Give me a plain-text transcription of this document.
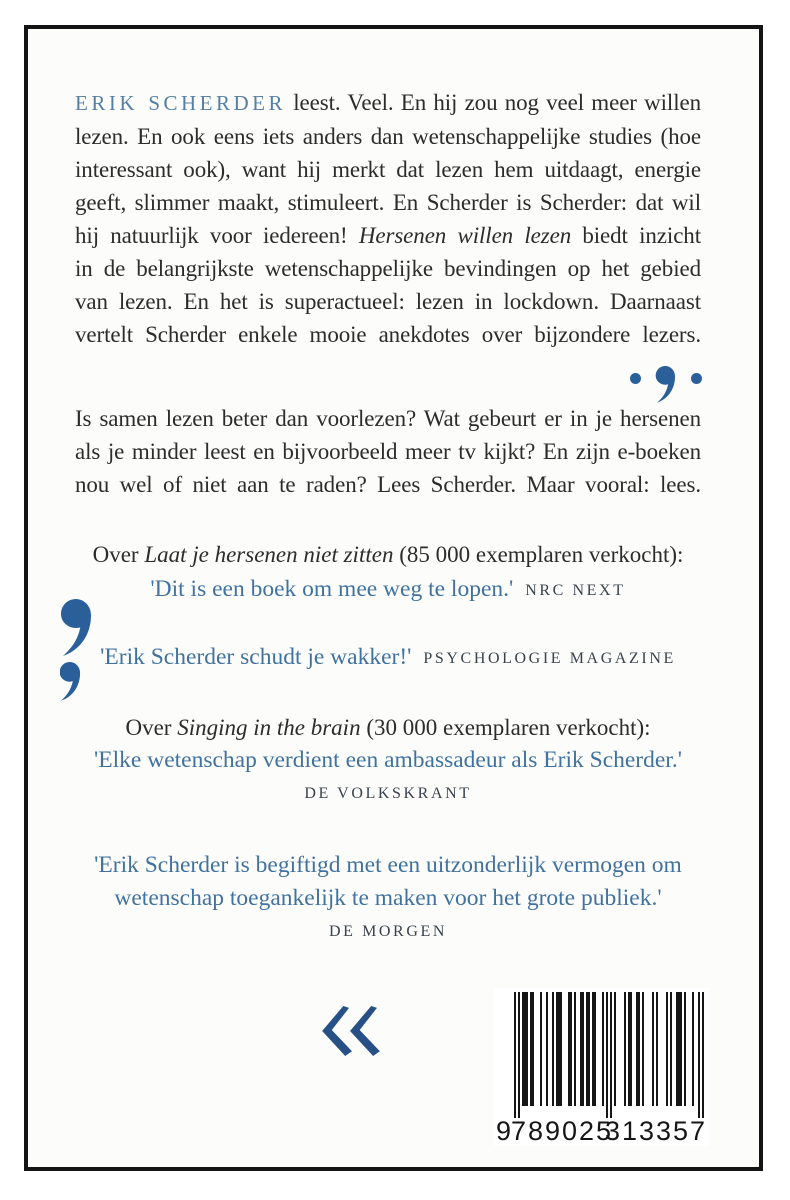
ERIK SCHERDER leest. Veel. En hij zou nog veel meer willen
lezen. En ook eens iets anders dan wetenschappelijke studies (hoe
interessant ook), want hij merkt dat lezen hem uitdaagt, energie
geeft, slimmer maakt, stimuleert. En Scherder is Scherder: dat wil
hij natuurlijk voor iedereen! Hersenen willen lezen biedt inzicht
in de belangrijkste wetenschappelijke bevindingen op het gebied
van lezen. En het is superactueel: lezen in lockdown. Daarnaast
vertelt Scherder enkele mooie anekdotes over bijzondere lezers.
Is samen lezen beter dan voorlezen? Wat gebeurt er in je hersenen
als je minder leest en bijvoorbeeld meer tv kijkt? En zijn e-boeken
nou wel of niet aan te raden? Lees Scherder. Maar vooral: lees.
Over Laat je hersenen niet zitten (85 000 exemplaren verkocht):
'Dit is een boek om mee weg te lopen.' NRC NEXT
'Erik Scherder schudt je wakker!' PSYCHOLOGIE MAGAZINE
Over Singing in the brain (30 000 exemplaren verkocht):
'Elke wetenschap verdient een ambassadeur als Erik Scherder.'
DE VOLKSKRANT
'Erik Scherder is begiftigd met een uitzonderlijk vermogen om
wetenschap toegankelijk te maken voor het grote publiek.'
DE MORGEN
9
789025
313357
